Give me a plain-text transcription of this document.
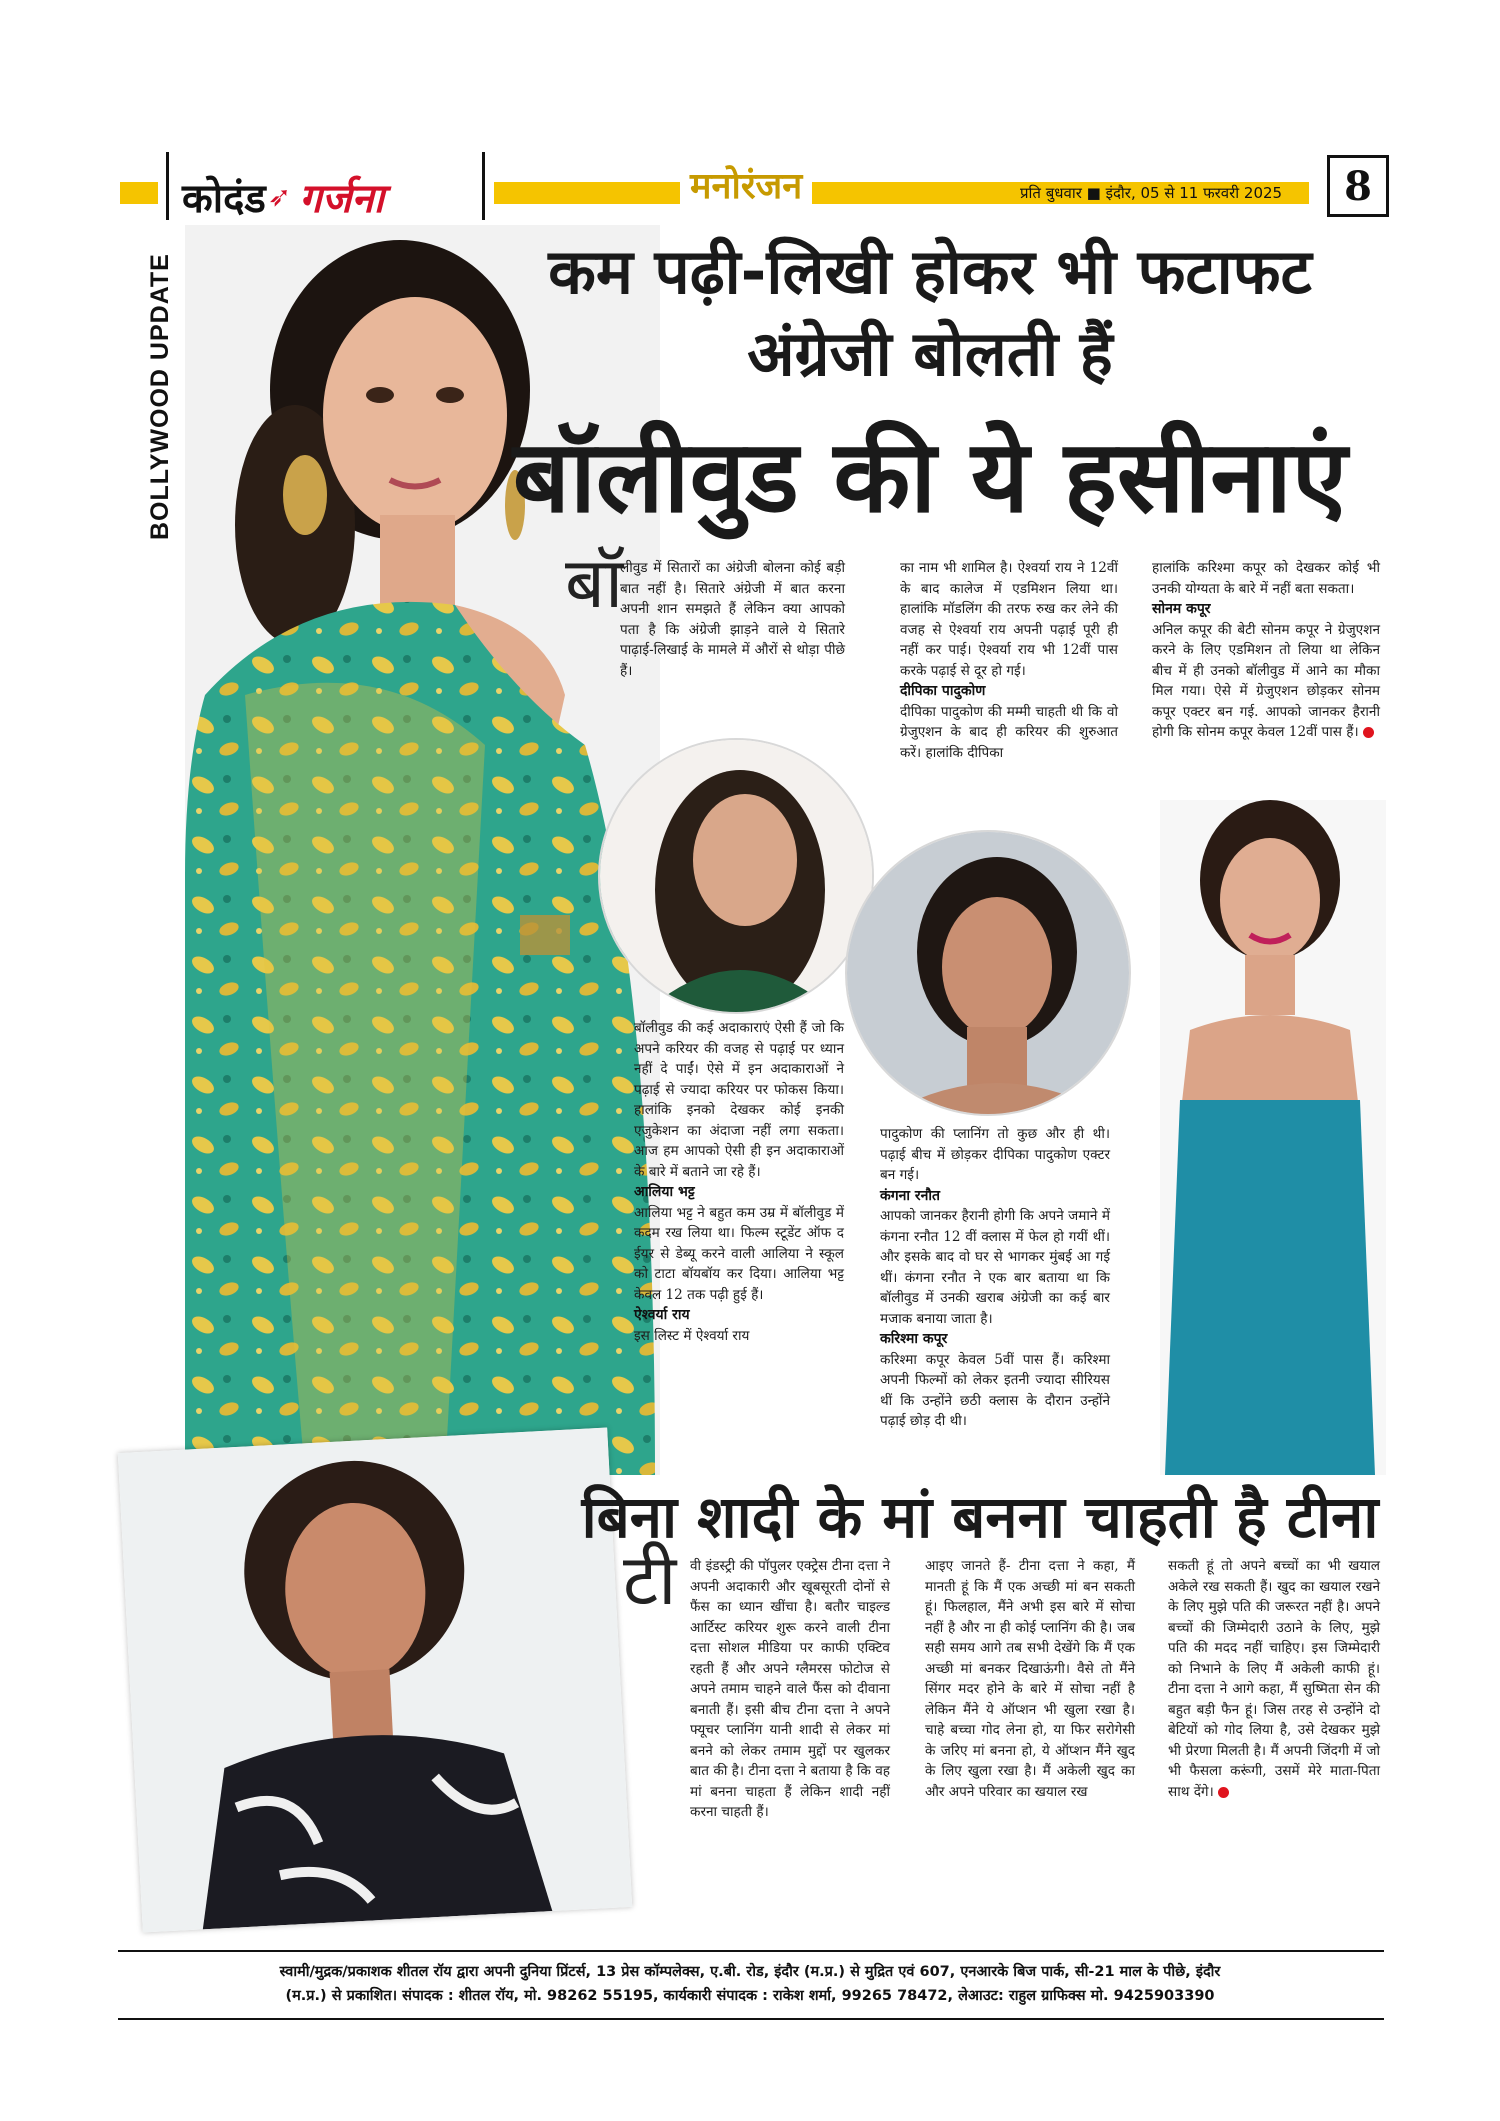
कोदंड ➶ गर्जना	मनोरंजन	प्रति बुधवार ■ इंदौर, 05 से 11 फरवरी 2025	8
BOLLYWOOD UPDATE	कम पढ़ी-लिखी होकर भी फटाफट
अंग्रेजी बोलती हैं
बॉलीवुड की ये हसीनाएं
बॉ

लीवुड में सितारों का अंग्रेजी बोलना कोई बड़ी बात नहीं है। सितारे अंग्रेजी में बात करना अपनी शान समझते हैं लेकिन क्या आपको पता है कि अंग्रेजी झाड़ने वाले ये सितारे पाढ़ाई-लिखाई के मामले में औरों से थोड़ा पीछे हैं।

का नाम भी शामिल है। ऐश्वर्या राय ने 12वीं के बाद कालेज में एडमिशन लिया था। हालांकि मॉडलिंग की तरफ रुख कर लेने की वजह से ऐश्वर्या राय अपनी पढ़ाई पूरी ही नहीं कर पाई। ऐश्वर्या राय भी 12वीं पास करके पढ़ाई से दूर हो गई।

दीपिका पादुकोण

दीपिका पादुकोण की मम्मी चाहती थी कि वो ग्रेजुएशन के बाद ही करियर की शुरुआत करें। हालांकि दीपिका

हालांकि करिश्मा कपूर को देखकर कोई भी उनकी योग्यता के बारे में नहीं बता सकता।

सोनम कपूर

अनिल कपूर की बेटी सोनम कपूर ने ग्रेजुएशन करने के लिए एडमिशन तो लिया था लेकिन बीच में ही उनको बॉलीवुड में आने का मौका मिल गया। ऐसे में ग्रेजुएशन छोड़कर सोनम कपूर एक्टर बन गई. आपको जानकर हैरानी होगी कि सोनम कपूर केवल 12वीं पास हैं।

बॉलीवुड की कई अदाकाराएं ऐसी हैं जो कि अपने करियर की वजह से पढ़ाई पर ध्यान नहीं दे पाईं। ऐसे में इन अदाकाराओं ने पढ़ाई से ज्यादा करियर पर फोकस किया। हालांकि इनको देखकर कोई इनकी एजुकेशन का अंदाजा नहीं लगा सकता। आज हम आपको ऐसी ही इन अदाकाराओं के बारे में बताने जा रहे हैं।

आलिया भट्ट

आलिया भट्ट ने बहुत कम उम्र में बॉलीवुड में कदम रख लिया था। फिल्म स्टूडेंट ऑफ द ईयर से डेब्यू करने वाली आलिया ने स्कूल को टाटा बॉयबॉय कर दिया। आलिया भट्ट केवल 12 तक पढ़ी हुई हैं।

ऐश्वर्या राय

इस लिस्ट में ऐश्वर्या राय

पादुकोण की प्लानिंग तो कुछ और ही थी। पढ़ाई बीच में छोड़कर दीपिका पादुकोण एक्टर बन गई।

कंगना रनौत

आपको जानकर हैरानी होगी कि अपने जमाने में कंगना रनौत 12 वीं क्लास में फेल हो गयीं थीं। और इसके बाद वो घर से भागकर मुंबई आ गई थीं। कंगना रनौत ने एक बार बताया था कि बॉलीवुड में उनकी खराब अंग्रेजी का कई बार मजाक बनाया जाता है।

करिश्मा कपूर

करिश्मा कपूर केवल 5वीं पास हैं। करिश्मा अपनी फिल्मों को लेकर इतनी ज्यादा सीरियस थीं कि उन्होंने छठी क्लास के दौरान उन्होंने पढ़ाई छोड़ दी थी।

बिना शादी के मां बनना चाहती है टीना
टी वी इंडस्ट्री की पॉपुलर एक्ट्रेस टीना दत्ता ने अपनी अदाकारी और खूबसूरती दोनों से फैंस का ध्यान खींचा है। बतौर चाइल्ड आर्टिस्ट करियर शुरू करने वाली टीना दत्ता सोशल मीडिया पर काफी एक्टिव रहती हैं और अपने ग्लैमरस फोटोज से अपने तमाम चाहने वाले फैंस को दीवाना बनाती हैं। इसी बीच टीना दत्ता ने अपने फ्यूचर प्लानिंग यानी शादी से लेकर मां बनने को लेकर तमाम मुद्दों पर खुलकर बात की है। टीना दत्ता ने बताया है कि वह मां बनना चाहता हैं लेकिन शादी नहीं करना चाहती हैं।

आइए जानते हैं- टीना दत्ता ने कहा, मैं मानती हूं कि मैं एक अच्छी मां बन सकती हूं। फिलहाल, मैंने अभी इस बारे में सोचा नहीं है और ना ही कोई प्लानिंग की है। जब सही समय आगे तब सभी देखेंगे कि मैं एक अच्छी मां बनकर दिखाऊंगी। वैसे तो मैंने सिंगर मदर होने के बारे में सोचा नहीं है लेकिन मैंने ये ऑप्शन भी खुला रखा है। चाहे बच्चा गोद लेना हो, या फिर सरोगेसी के जरिए मां बनना हो, ये ऑप्शन मैंने खुद के लिए खुला रखा है। मैं अकेली खुद का और अपने परिवार का खयाल रख

सकती हूं तो अपने बच्चों का भी खयाल अकेले रख सकती हैं। खुद का खयाल रखने के लिए मुझे पति की जरूरत नहीं है। अपने बच्चों की जिम्मेदारी उठाने के लिए, मुझे पति की मदद नहीं चाहिए। इस जिम्मेदारी को निभाने के लिए मैं अकेली काफी हूं। टीना दत्ता ने आगे कहा, मैं सुष्मिता सेन की बहुत बड़ी फैन हूं। जिस तरह से उन्होंने दो बेटियों को गोद लिया है, उसे देखकर मुझे भी प्रेरणा मिलती है। मैं अपनी जिंदगी में जो भी फैसला करूंगी, उसमें मेरे माता-पिता साथ देंगे।

स्वामी/मुद्रक/प्रकाशक शीतल रॉय द्वारा अपनी दुनिया प्रिंटर्स, 13 प्रेस कॉम्पलेक्स, ए.बी. रोड, इंदौर (म.प्र.) से मुद्रित एवं 607, एनआरके बिज पार्क, सी-21 माल के पीछे, इंदौर
(म.प्र.) से प्रकाशित। संपादक : शीतल रॉय, मो. 98262 55195, कार्यकारी संपादक : राकेश शर्मा, 99265 78472, लेआउट: राहुल ग्राफिक्स मो. 9425903390
